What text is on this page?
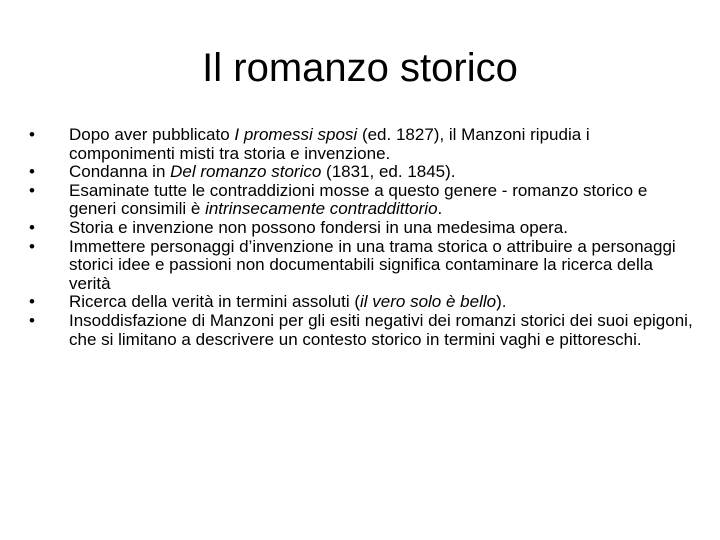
Il romanzo storico
•	Dopo aver pubblicato I promessi sposi (ed. 1827), il Manzoni ripudia i componimenti misti tra storia e invenzione.
•	Condanna in Del romanzo storico (1831, ed. 1845).
•	Esaminate tutte le contraddizioni mosse a questo genere - romanzo storico e generi consimili è intrinsecamente contraddittorio.
•	Storia e invenzione non possono fondersi in una medesima opera.
•	Immettere personaggi d’invenzione in una trama storica o attribuire a personaggi storici idee e passioni non documentabili significa contaminare la ricerca della verità
•	Ricerca della verità in termini assoluti (il vero solo è bello).
•	Insoddisfazione di Manzoni per gli esiti negativi dei romanzi storici dei suoi epigoni, che si limitano a descrivere un contesto storico in termini vaghi e pittoreschi.
